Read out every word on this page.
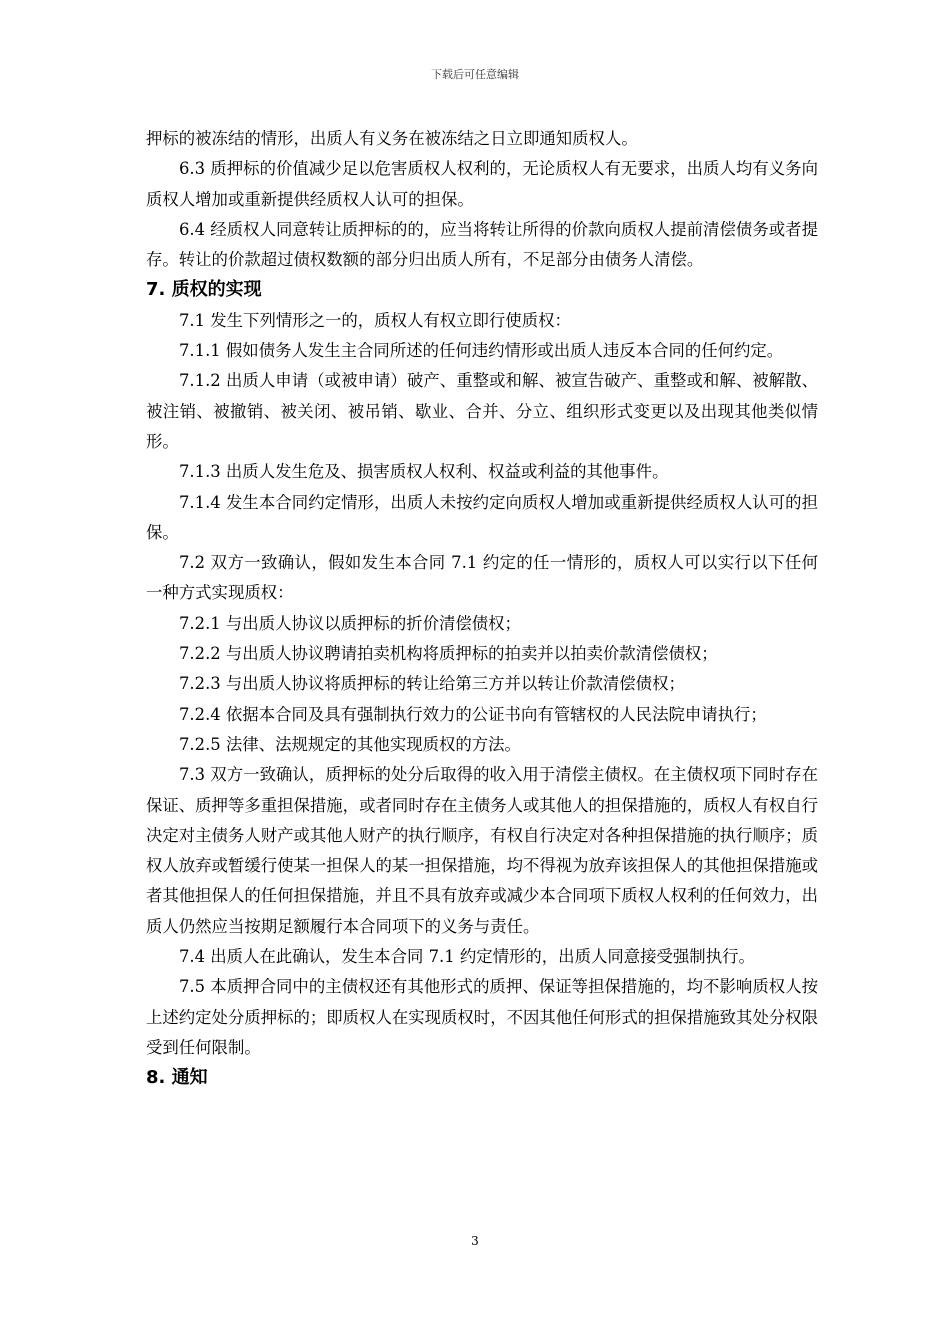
下载后可任意编辑

押标的被冻结的情形，出质人有义务在被冻结之日立即通知质权人。

6.3 质押标的价值减少足以危害质权人权利的，无论质权人有无要求，出质人均有义务向质权人增加或重新提供经质权人认可的担保。

6.4 经质权人同意转让质押标的的，应当将转让所得的价款向质权人提前清偿债务或者提存。转让的价款超过债权数额的部分归出质人所有，不足部分由债务人清偿。

7. 质权的实现

7.1 发生下列情形之一的，质权人有权立即行使质权：

7.1.1 假如债务人发生主合同所述的任何违约情形或出质人违反本合同的任何约定。

7.1.2 出质人申请（或被申请）破产、重整或和解、被宣告破产、重整或和解、被解散、被注销、被撤销、被关闭、被吊销、歇业、合并、分立、组织形式变更以及出现其他类似情形。

7.1.3 出质人发生危及、损害质权人权利、权益或利益的其他事件。

7.1.4 发生本合同约定情形，出质人未按约定向质权人增加或重新提供经质权人认可的担保。

7.2 双方一致确认，假如发生本合同 7.1 约定的任一情形的，质权人可以实行以下任何一种方式实现质权：

7.2.1 与出质人协议以质押标的折价清偿债权；

7.2.2 与出质人协议聘请拍卖机构将质押标的拍卖并以拍卖价款清偿债权；

7.2.3 与出质人协议将质押标的转让给第三方并以转让价款清偿债权；

7.2.4 依据本合同及具有强制执行效力的公证书向有管辖权的人民法院申请执行；

7.2.5 法律、法规规定的其他实现质权的方法。

7.3 双方一致确认，质押标的处分后取得的收入用于清偿主债权。在主债权项下同时存在保证、质押等多重担保措施，或者同时存在主债务人或其他人的担保措施的，质权人有权自行决定对主债务人财产或其他人财产的执行顺序，有权自行决定对各种担保措施的执行顺序；质权人放弃或暂缓行使某一担保人的某一担保措施，均不得视为放弃该担保人的其他担保措施或者其他担保人的任何担保措施，并且不具有放弃或减少本合同项下质权人权利的任何效力，出质人仍然应当按期足额履行本合同项下的义务与责任。

7.4 出质人在此确认，发生本合同 7.1 约定情形的，出质人同意接受强制执行。

7.5 本质押合同中的主债权还有其他形式的质押、保证等担保措施的，均不影响质权人按上述约定处分质押标的；即质权人在实现质权时，不因其他任何形式的担保措施致其处分权限受到任何限制。

8. 通知
3
